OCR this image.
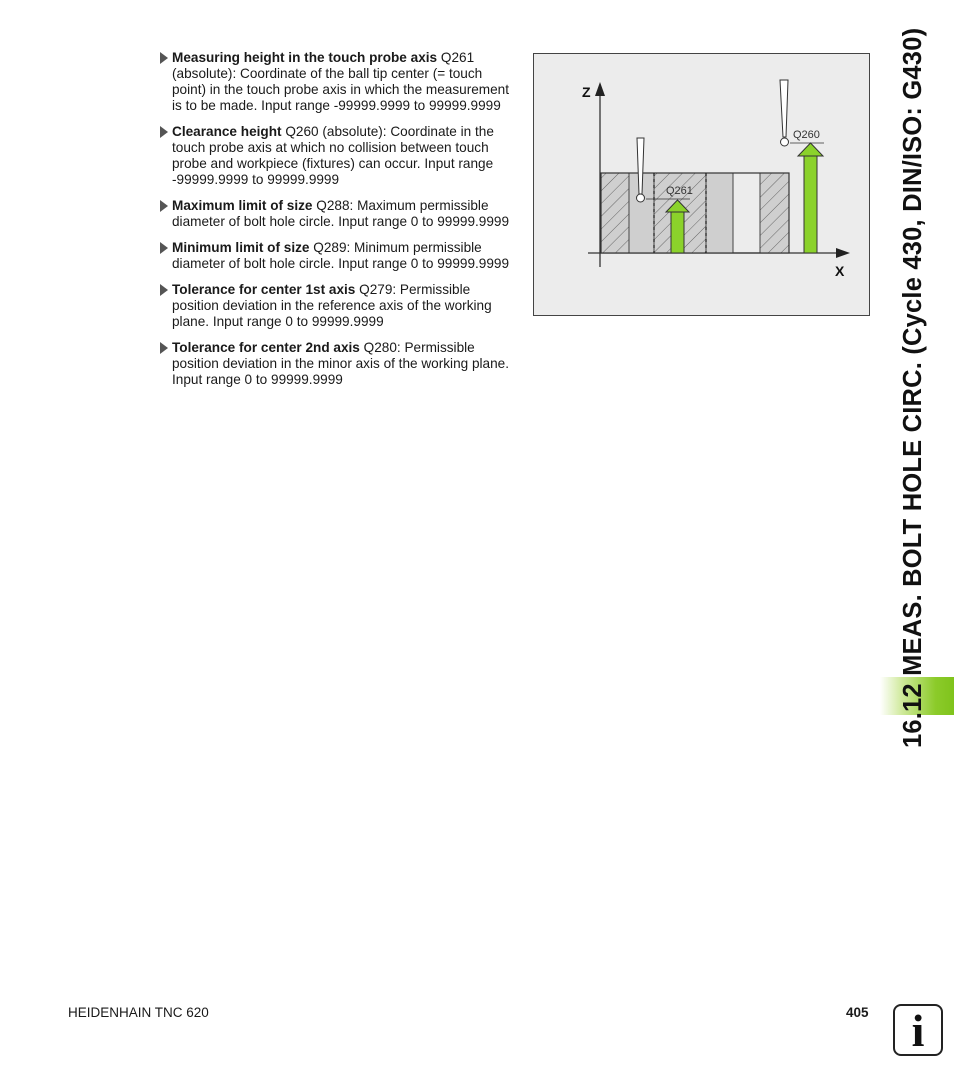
Measuring height in the touch probe axis Q261 (absolute): Coordinate of the ball tip center (= touch point) in the touch probe axis in which the measurement is to be made. Input range -99999.9999 to 99999.9999
Clearance height Q260 (absolute): Coordinate in the touch probe axis at which no collision between touch probe and workpiece (fixtures) can occur. Input range -99999.9999 to 99999.9999
Maximum limit of size Q288: Maximum permissible diameter of bolt hole circle. Input range 0 to 99999.9999
Minimum limit of size Q289: Minimum permissible diameter of bolt hole circle. Input range 0 to 99999.9999
Tolerance for center 1st axis Q279: Permissible position deviation in the reference axis of the working plane. Input range 0 to 99999.9999
Tolerance for center 2nd axis Q280: Permissible position deviation in the minor axis of the working plane. Input range 0 to 99999.9999
Z
X
Q261
Q260	16.12 MEAS. BOLT HOLE CIRC. (Cycle 430, DIN/ISO: G430)
HEIDENHAIN TNC 620	405 i
